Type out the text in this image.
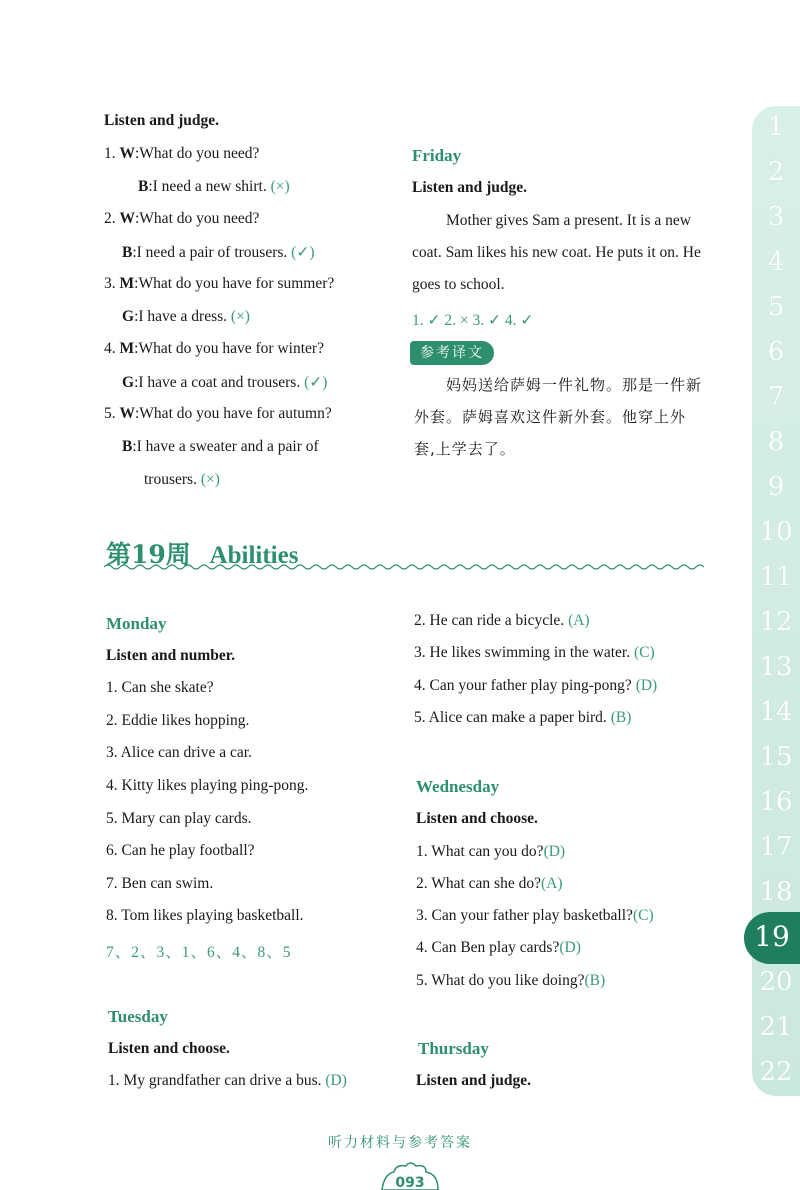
Listen and judge.
1. W:What do you need?
B:I need a new shirt. (×)
2. W:What do you need?
B:I need a pair of trousers. (✓)
3. M:What do you have for summer?
G:I have a dress. (×)
4. M:What do you have for winter?
G:I have a coat and trousers. (✓)
5. W:What do you have for autumn?
B:I have a sweater and a pair of
trousers. (×)
Friday
Listen and judge.
Mother gives Sam a present. It is a new coat. Sam likes his new coat. He puts it on. He goes to school.
1. ✓ 2. × 3. ✓ 4. ✓
参考译文
妈妈送给萨姆一件礼物。那是一件新外套。萨姆喜欢这件新外套。他穿上外套,上学去了。
第19周 Abilities
Monday
Listen and number.
1. Can she skate?
2. Eddie likes hopping.
3. Alice can drive a car.
4. Kitty likes playing ping-pong.
5. Mary can play cards.
6. Can he play football?
7. Ben can swim.
8. Tom likes playing basketball.
7、2、3、1、6、4、8、5
Tuesday
Listen and choose.
1. My grandfather can drive a bus. (D)
2. He can ride a bicycle. (A)
3. He likes swimming in the water. (C)
4. Can your father play ping-pong? (D)
5. Alice can make a paper bird. (B)
Wednesday
Listen and choose.
1. What can you do?(D)
2. What can she do?(A)
3. Can your father play basketball?(C)
4. Can Ben play cards?(D)
5. What do you like doing?(B)
Thursday
Listen and judge.
1
2
3
4
5
6
7
8
9
10
11
12
13
14
15
16
17
18
20
21
22
19
听力材料与参考答案
093
